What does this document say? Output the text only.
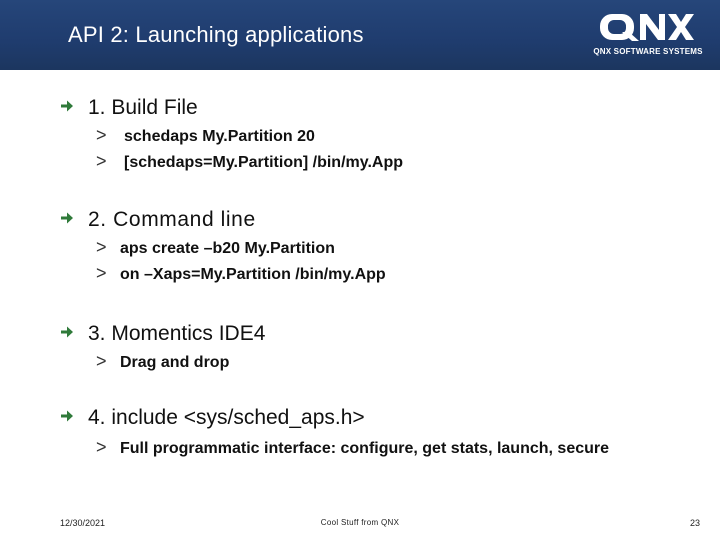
API 2: Launching applications
QNX SOFTWARE SYSTEMS
1. Build File
> schedaps My.Partition 20
> [schedaps=My.Partition] /bin/my.App
2. Command line
> aps create –b20 My.Partition
> on –Xaps=My.Partition /bin/my.App
3. Momentics IDE4
> Drag and drop
4. include <sys/sched_aps.h>
> Full programmatic interface: configure, get stats, launch, secure
12/30/2021	Cool Stuff from QNX	23
